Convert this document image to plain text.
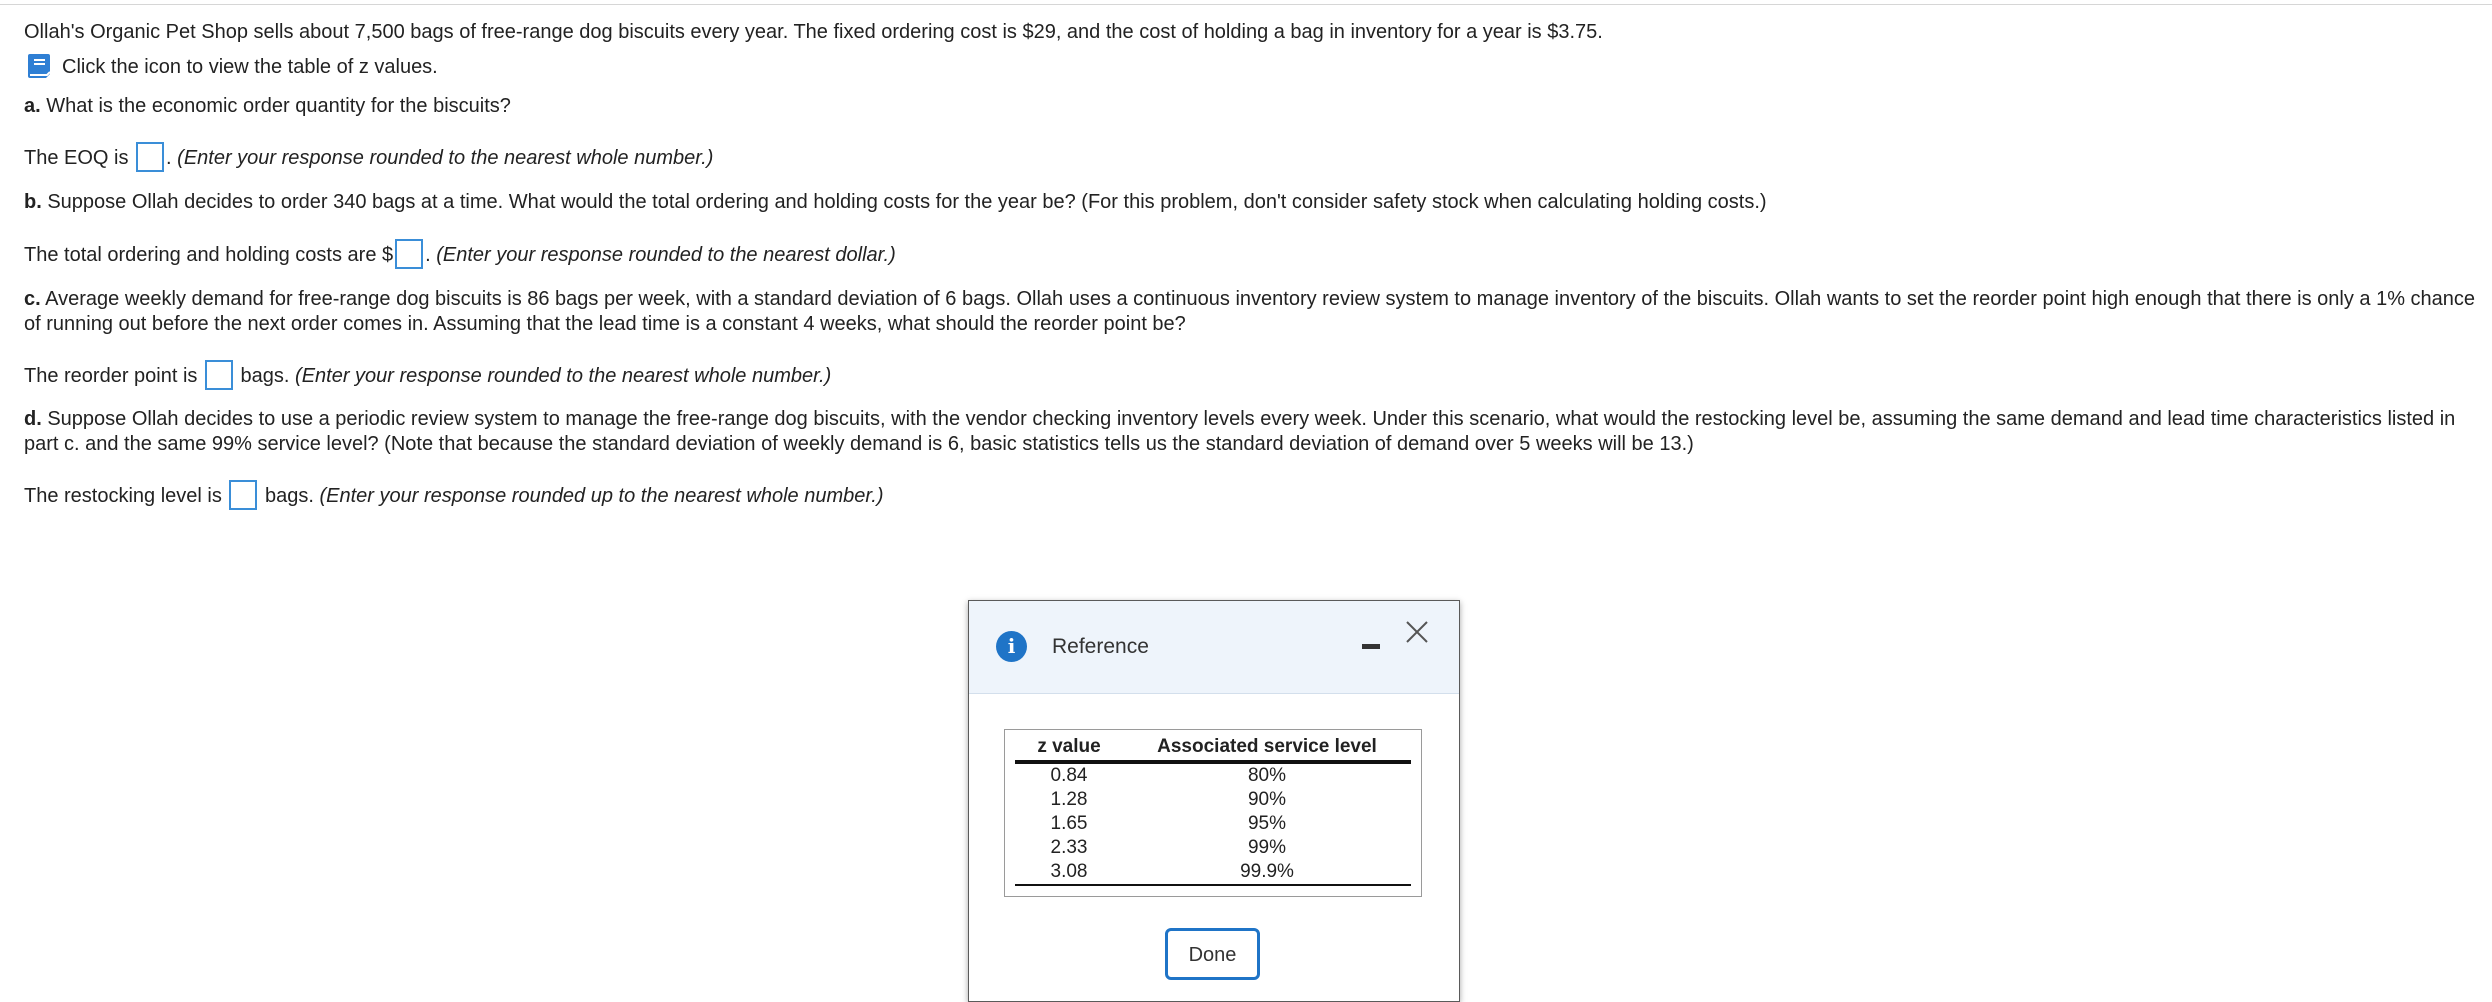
Ollah's Organic Pet Shop sells about 7,500 bags of free-range dog biscuits every year. The fixed ordering cost is $29, and the cost of holding a bag in inventory for a year is $3.75.
Click the icon to view the table of z values.
a. What is the economic order quantity for the biscuits?
The EOQ is . (Enter your response rounded to the nearest whole number.)
b. Suppose Ollah decides to order 340 bags at a time. What would the total ordering and holding costs for the year be? (For this problem, don't consider safety stock when calculating holding costs.)
The total ordering and holding costs are $ . (Enter your response rounded to the nearest dollar.)
c. Average weekly demand for free-range dog biscuits is 86 bags per week, with a standard deviation of 6 bags. Ollah uses a continuous inventory review system to manage inventory of the biscuits. Ollah wants to set the reorder point high enough that there is only a 1% chance of running out before the next order comes in. Assuming that the lead time is a constant 4 weeks, what should the reorder point be?
The reorder point is  bags. (Enter your response rounded to the nearest whole number.)
d. Suppose Ollah decides to use a periodic review system to manage the free-range dog biscuits, with the vendor checking inventory levels every week. Under this scenario, what would the restocking level be, assuming the same demand and lead time characteristics listed in part c. and the same 99% service level? (Note that because the standard deviation of weekly demand is 6, basic statistics tells us the standard deviation of demand over 5 weeks will be 13.)
The restocking level is  bags. (Enter your response rounded up to the nearest whole number.)
i	Reference
z value	Associated service level
0.84	80%
1.28	90%
1.65	95%
2.33	99%
3.08	99.9%
Done
